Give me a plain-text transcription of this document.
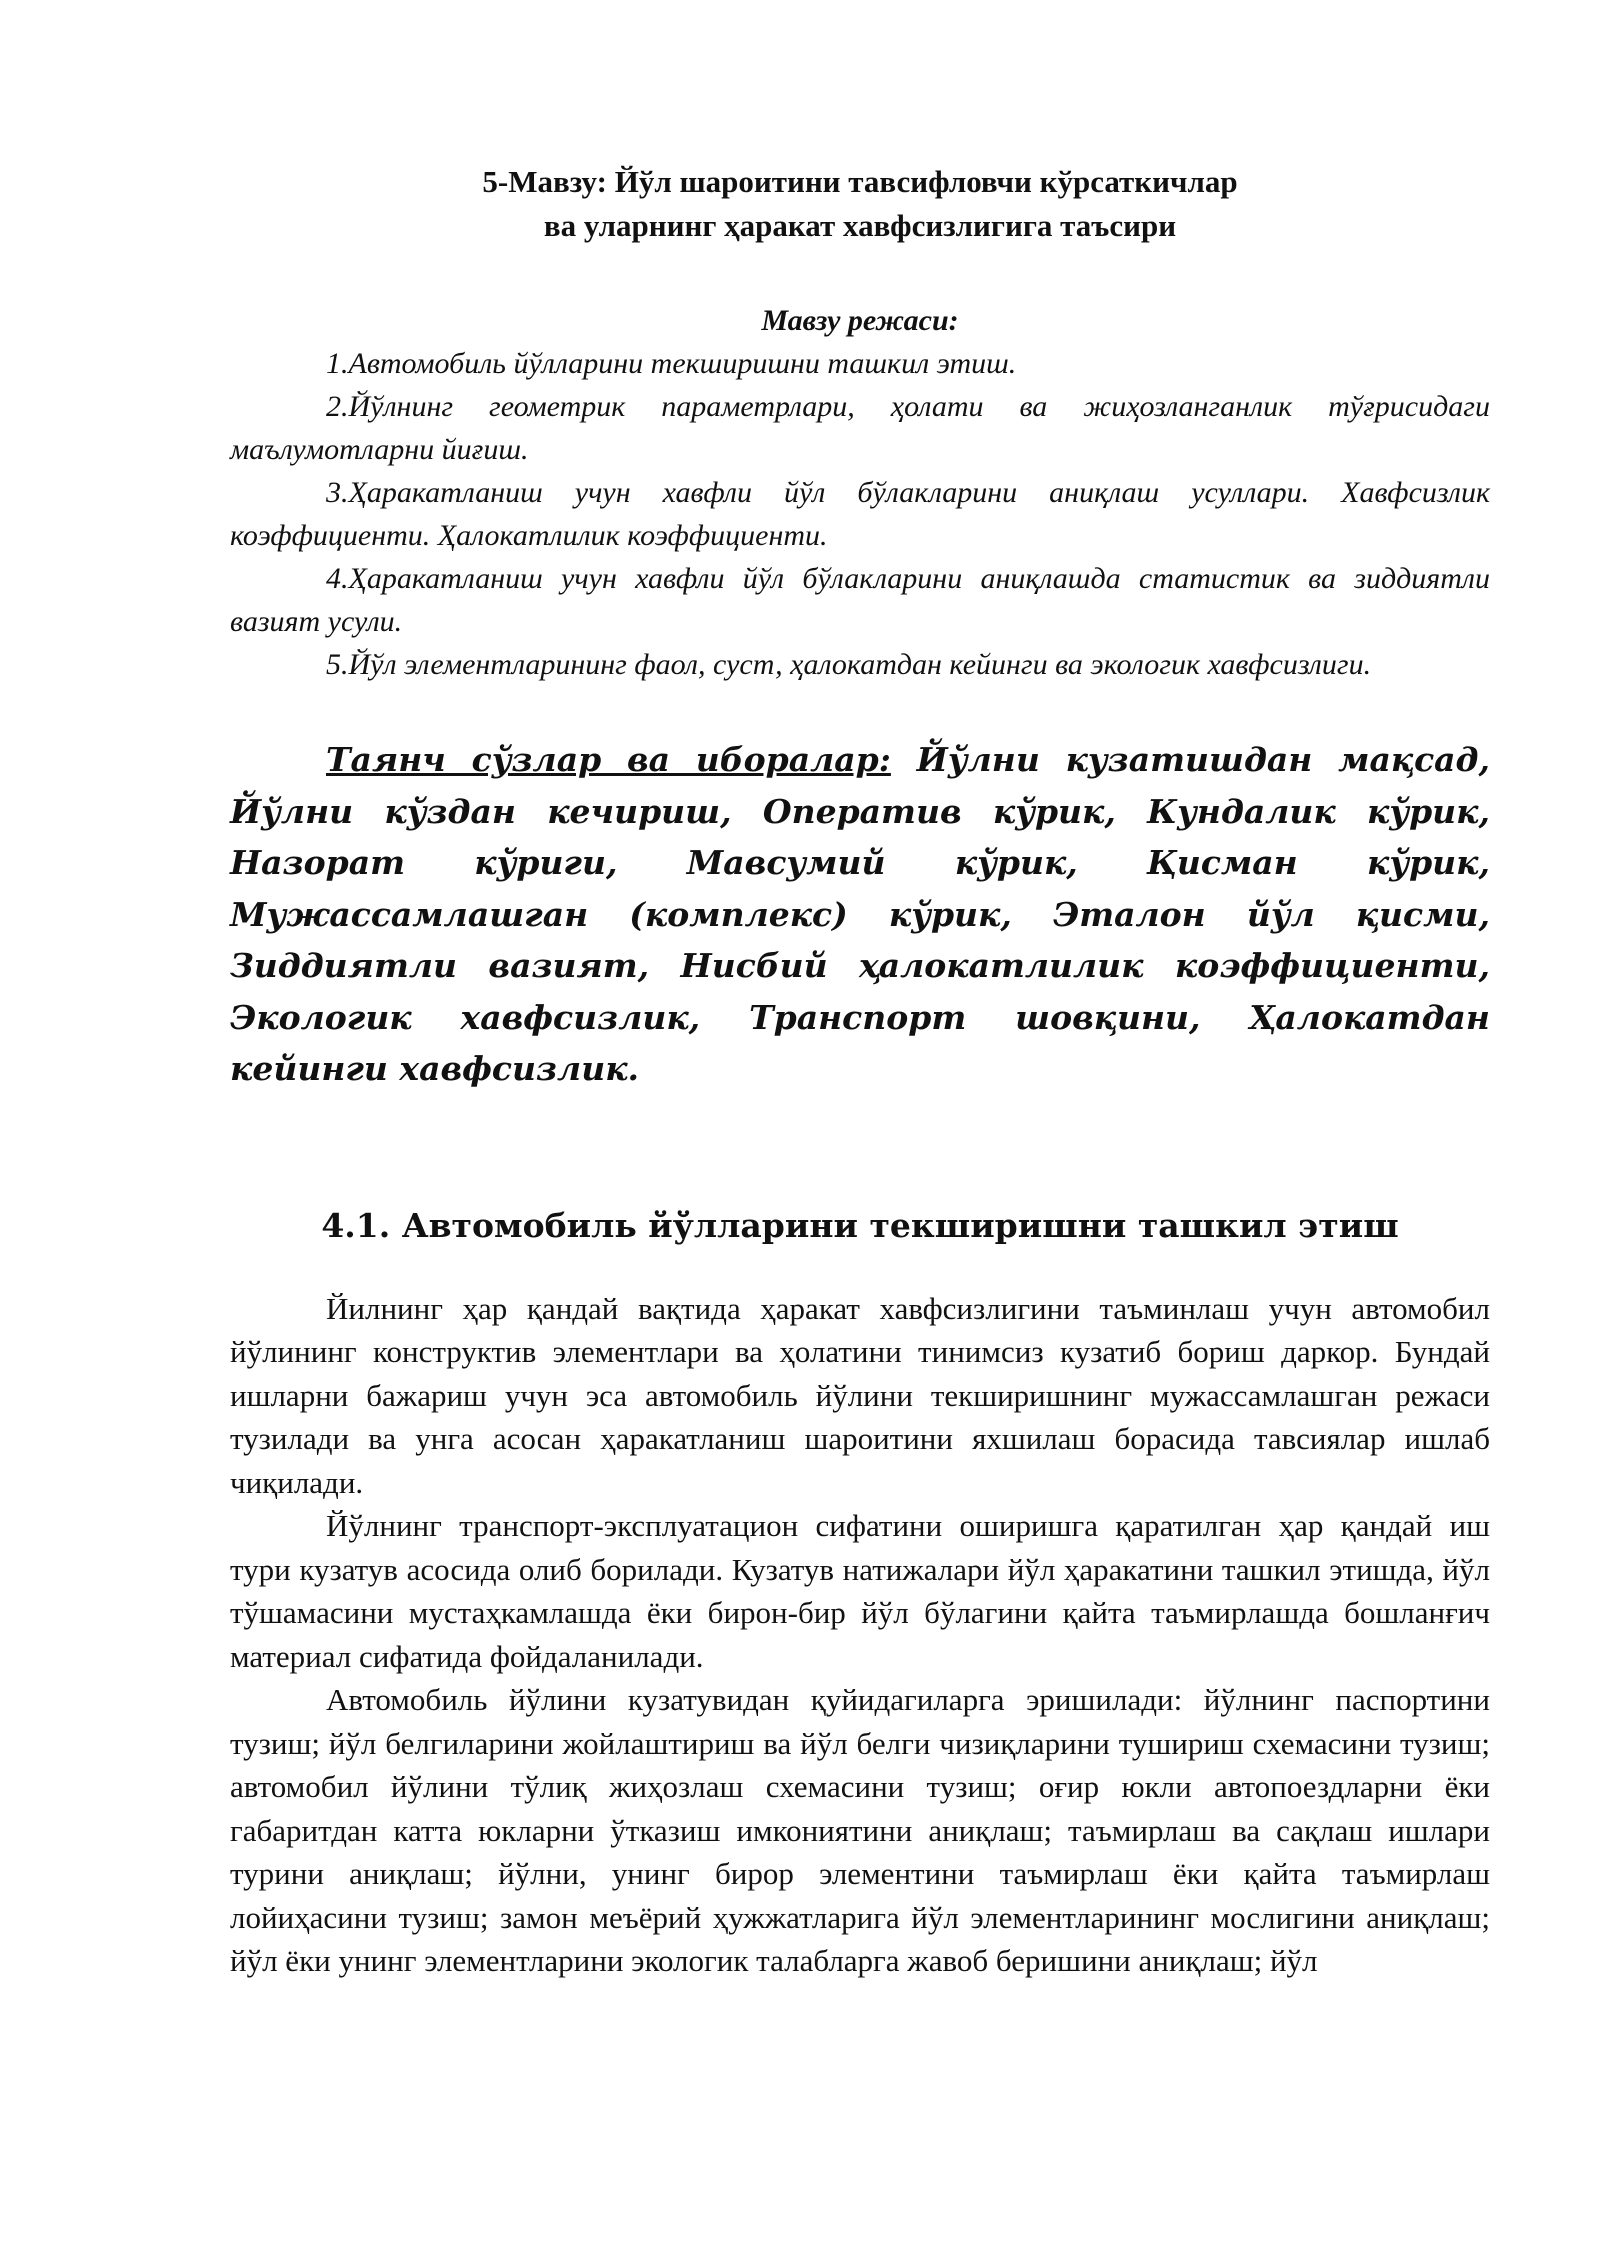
5-Мавзу: Йўл шароитини тавсифловчи кўрсаткичлар

ва уларнинг ҳаракат хавфсизлигига таъсири

Мавзу режаси:

1.Автомобиль йўлларини текширишни ташкил этиш.

2.Йўлнинг геометрик параметрлари, ҳолати ва жиҳозланганлик тўғрисидаги маълумотларни йиғиш.

3.Ҳаракатланиш учун хавфли йўл бўлакларини аниқлаш усуллари. Хавфсизлик коэффициенти. Ҳалокатлилик коэффициенти.

4.Ҳаракатланиш учун хавфли йўл бўлакларини аниқлашда статистик ва зиддиятли вазият усули.

5.Йўл элементларининг фаол, суст, ҳалокатдан кейинги ва экологик хавфсизлиги.

Таянч сўзлар ва иборалар: Йўлни кузатишдан мақсад, Йўлни кўздан кечириш, Оператив кўрик, Кундалик кўрик, Назорат кўриги, Мавсумий кўрик, Қисман кўрик, Мужассамлашган (комплекс) кўрик, Эталон йўл қисми, Зиддиятли вазият, Нисбий ҳалокатлилик коэффициенти, Экологик хавфсизлик, Транспорт шовқини, Ҳалокатдан кейинги хавфсизлик.

4.1. Автомобиль йўлларини текширишни ташкил этиш

Йилнинг ҳар қандай вақтида ҳаракат хавфсизлигини таъминлаш учун автомобил йўлининг конструктив элементлари ва ҳолатини тинимсиз кузатиб бориш даркор. Бундай ишларни бажариш учун эса автомобиль йўлини текширишнинг мужассамлашган режаси тузилади ва унга асосан ҳаракатланиш шароитини яхшилаш борасида тавсиялар ишлаб чиқилади.

Йўлнинг транспорт-эксплуатацион сифатини оширишга қаратилган ҳар қандай иш тури кузатув асосида олиб борилади. Кузатув натижалари йўл ҳаракатини ташкил этишда, йўл тўшамасини мустаҳкамлашда ёки бирон-бир йўл бўлагини қайта таъмирлашда бошланғич материал сифатида фойдаланилади.

Автомобиль йўлини кузатувидан қуйидагиларга эришилади: йўлнинг паспортини тузиш; йўл белгиларини жойлаштириш ва йўл белги чизиқларини тушириш схемасини тузиш; автомобил йўлини тўлиқ жиҳозлаш схемасини тузиш; оғир юкли автопоездларни ёки габаритдан катта юкларни ўтказиш имкониятини аниқлаш; таъмирлаш ва сақлаш ишлари турини аниқлаш; йўлни, унинг бирор элементини таъмирлаш ёки қайта таъмирлаш лойиҳасини тузиш; замон меъёрий ҳужжатларига йўл элементларининг мослигини аниқлаш; йўл ёки унинг элементларини экологик талабларга жавоб беришини аниқлаш; йўл
